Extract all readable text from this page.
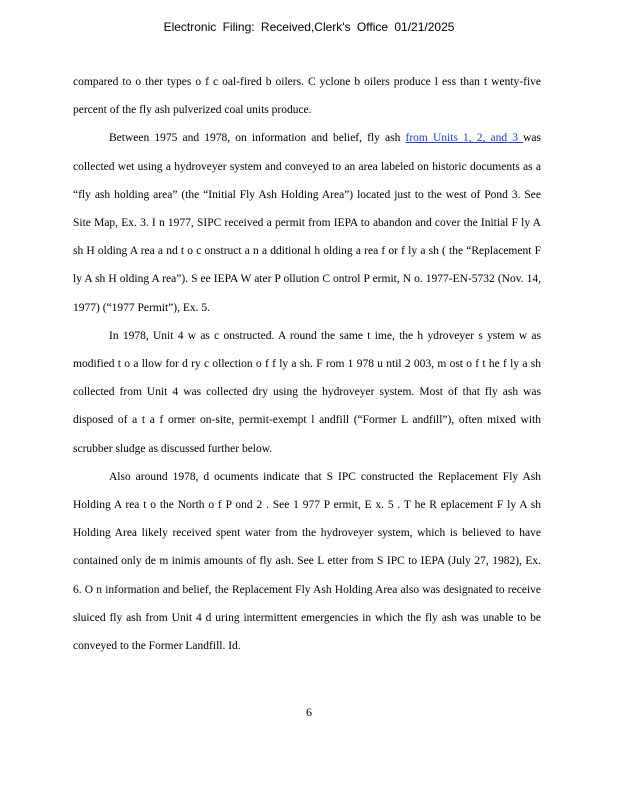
Electronic Filing: Received,Clerk's Office 01/21/2025

compared to o ther types o f c oal-fired b oilers. C yclone b oilers produce l ess than t wenty-five percent of the fly ash pulverized coal units produce.

Between 1975 and 1978, on information and belief, fly ash from Units 1, 2, and 3 was collected wet using a hydroveyer system and conveyed to an area labeled on historic documents as a “fly ash holding area” (the “Initial Fly Ash Holding Area”) located just to the west of Pond 3. See Site Map, Ex. 3. I n 1977, SIPC received a permit from IEPA to abandon and cover the Initial F ly A sh H olding A rea a nd t o c onstruct a n a dditional h olding a rea f or f ly a sh ( the “Replacement F ly A sh H olding A rea”). S ee IEPA W ater P ollution C ontrol P ermit, N o. 1977-EN-5732 (Nov. 14, 1977) (“1977 Permit”), Ex. 5.

In 1978, Unit 4 w as c onstructed. A round the same t ime, the h ydroveyer s ystem w as modified t o a llow for d ry c ollection o f f ly a sh. F rom 1 978 u ntil 2 003, m ost o f t he f ly a sh collected from Unit 4 was collected dry using the hydroveyer system. Most of that fly ash was disposed of a t a f ormer on-site, permit-exempt l andfill (“Former L andfill”), often mixed with scrubber sludge as discussed further below.

Also around 1978, d ocuments indicate that S IPC constructed the Replacement Fly Ash Holding A rea t o the North o f P ond 2 . See 1 977 P ermit, E x. 5 . T he R eplacement F ly A sh Holding Area likely received spent water from the hydroveyer system, which is believed to have contained only de m inimis amounts of fly ash. See L etter from S IPC to IEPA (July 27, 1982), Ex. 6. O n information and belief, the Replacement Fly Ash Holding Area also was designated to receive sluiced fly ash from Unit 4 d uring intermittent emergencies in which the fly ash was unable to be conveyed to the Former Landfill. Id.

6
